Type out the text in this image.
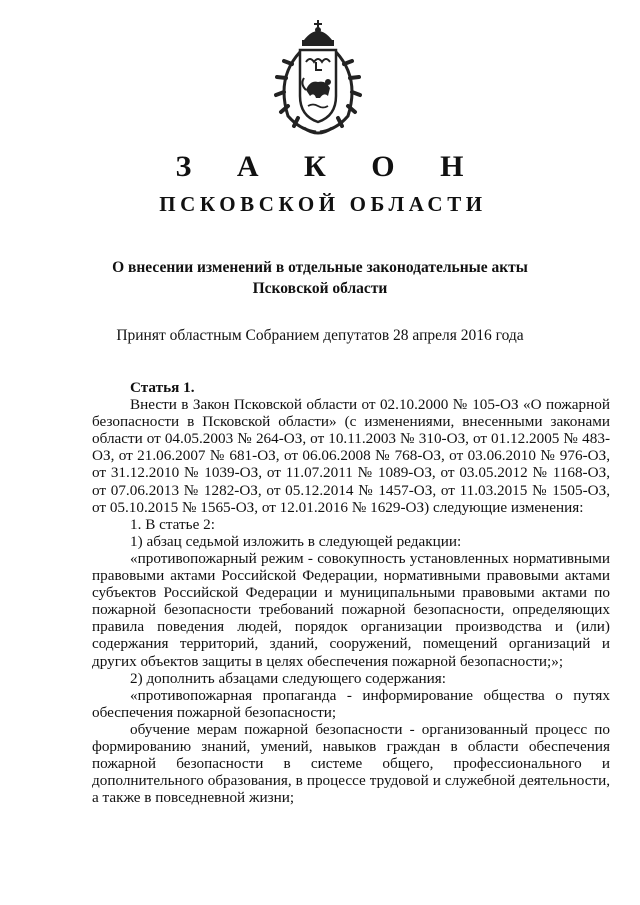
З А К О Н
ПСКОВСКОЙ ОБЛАСТИ
О внесении изменений в отдельные законодательные акты
Псковской области
Принят областным Собранием депутатов 28 апреля 2016 года

Статья 1.

Внести в Закон Псковской области от 02.10.2000 № 105-ОЗ «О пожарной безопасности в Псковской области» (с изменениями, внесенными законами области от 04.05.2003 № 264-ОЗ, от 10.11.2003 № 310-ОЗ, от 01.12.2005 № 483-ОЗ, от 21.06.2007 № 681-ОЗ, от 06.06.2008 № 768-ОЗ, от 03.06.2010 № 976-ОЗ, от 31.12.2010 № 1039-ОЗ, от 11.07.2011 № 1089-ОЗ, от 03.05.2012 № 1168-ОЗ, от 07.06.2013 № 1282-ОЗ, от 05.12.2014 № 1457-ОЗ, от 11.03.2015 № 1505-ОЗ, от 05.10.2015 № 1565-ОЗ, от 12.01.2016 № 1629-ОЗ) следующие изменения:

1. В статье 2:

1) абзац седьмой изложить в следующей редакции:

«противопожарный режим - совокупность установленных нормативными правовыми актами Российской Федерации, нормативными правовыми актами субъектов Российской Федерации и муниципальными правовыми актами по пожарной безопасности требований пожарной безопасности, определяющих правила поведения людей, порядок организации производства и (или) содержания территорий, зданий, сооружений, помещений организаций и других объектов защиты в целях обеспечения пожарной безопасности;»;

2) дополнить абзацами следующего содержания:

«противопожарная пропаганда - информирование общества о путях обеспечения пожарной безопасности;

обучение мерам пожарной безопасности - организованный процесс по формированию знаний, умений, навыков граждан в области обеспечения пожарной безопасности в системе общего, профессионального и дополнительного образования, в процессе трудовой и служебной деятельности, а также в повседневной жизни;
